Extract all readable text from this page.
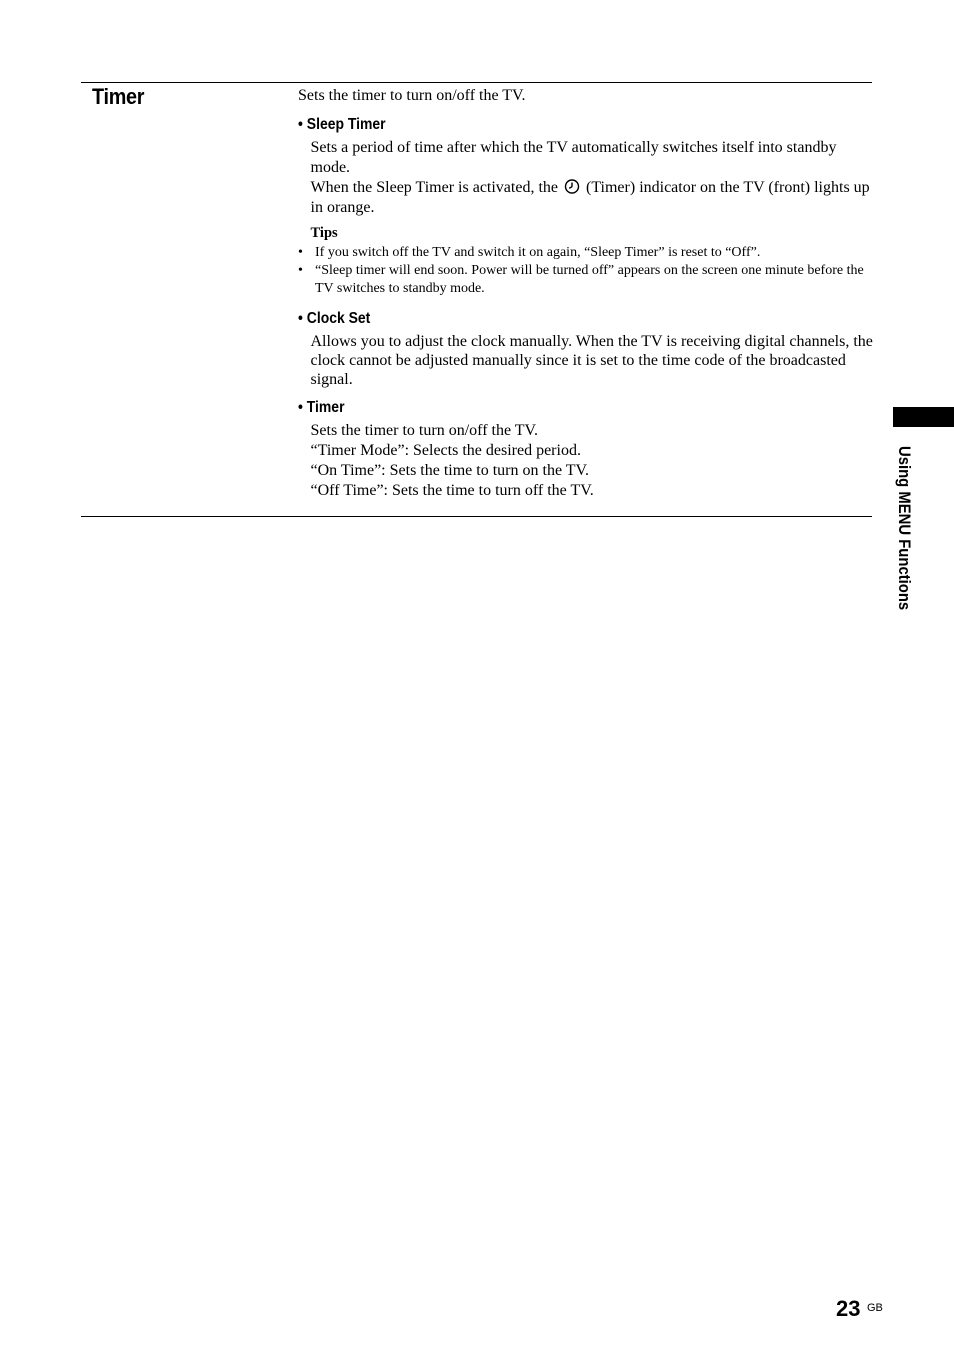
Timer	Sets the timer to turn on/off the TV.

• Sleep Timer

Sets a period of time after which the TV automatically switches itself into standby mode.

When the Sleep Timer is activated, the  (Timer) indicator on the TV (front) lights up in orange.

Tips
• If you switch off the TV and switch it on again, “Sleep Timer” is reset to “Off”.
• “Sleep timer will end soon. Power will be turned off” appears on the screen one minute before the TV switches to standby mode.
• Clock Set

Allows you to adjust the clock manually. When the TV is receiving digital channels, the clock cannot be adjusted manually since it is set to the time code of the broadcasted signal.

• Timer

Sets the timer to turn on/off the TV.

“Timer Mode”: Selects the desired period.

“On Time”: Sets the time to turn on the TV.

“Off Time”: Sets the time to turn off the TV.	Using MENU Functions
23 GB
